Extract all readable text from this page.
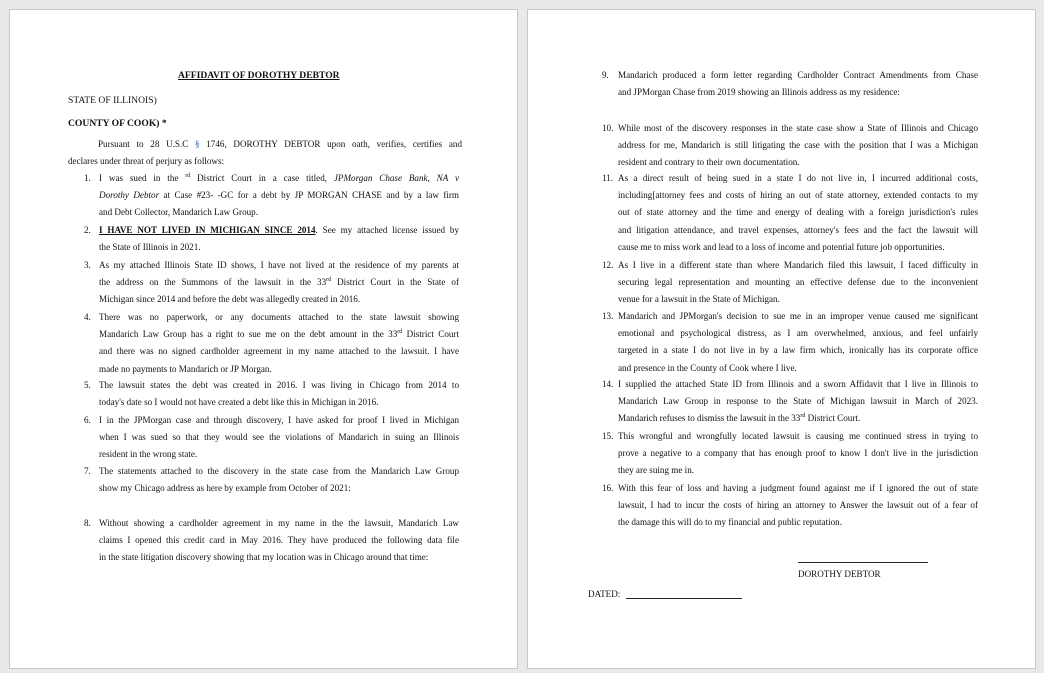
AFFIDAVIT OF DOROTHY DEBTOR
STATE OF ILLINOIS)
COUNTY OF COOK) *
Pursuant to 28 U.S.C § 1746, DOROTHY DEBTOR upon oath, verifies, certifies and
declares under threat of perjury as follows:
1. I was sued in the $^{rd}$ District Court in a case titled, JPMorgan Chase Bank, NA v
Dorothy Debtor at Case #23- -GC for a debt by JP MORGAN CHASE and by a law firm
and Debt Collector, Mandarich Law Group.
2. I HAVE NOT LIVED IN MICHIGAN SINCE 2014. See my attached license issued by
the State of Illinois in 2021.
3. As my attached Illinois State ID shows, I have not lived at the residence of my parents at
the address on the Summons of the lawsuit in the 33rd District Court in the State of
Michigan since 2014 and before the debt was allegedly created in 2016.
4. There was no paperwork, or any documents attached to the state lawsuit showing
Mandarich Law Group has a right to sue me on the debt amount in the 33rd District Court
and there was no signed cardholder agreement in my name attached to the lawsuit. I have
made no payments to Mandarich or JP Morgan.
5. The lawsuit states the debt was created in 2016. I was living in Chicago from 2014 to
today's date so I would not have created a debt like this in Michigan in 2016.
6. I in the JPMorgan case and through discovery, I have asked for proof I lived in Michigan
when I was sued so that they would see the violations of Mandarich in suing an Illinois
resident in the wrong state.
7. The statements attached to the discovery in the state case from the Mandarich Law Group
show my Chicago address as here by example from October of 2021:
8. Without showing a cardholder agreement in my name in the the lawsuit, Mandarich Law
claims I opened this credit card in May 2016. They have produced the following data file
in the state litigation discovery showing that my location was in Chicago around that time:
9. Mandarich produced a form letter regarding Cardholder Contract Amendments from Chase
and JPMorgan Chase from 2019 showing an Illinois address as my residence:
10. While most of the discovery responses in the state case show a State of Illinois and Chicago
address for me, Mandarich is still litigating the case with the position that I was a Michigan
resident and contrary to their own documentation.
11. As a direct result of being sued in a state I do not live in, I incurred additional costs,
including[attorney fees and costs of hiring an out of state attorney, extended contacts to my
out of state attorney and the time and energy of dealing with a foreign jurisdiction's rules
and litigation attendance, and travel expenses, attorney's fees and the fact the lawsuit will
cause me to miss work and lead to a loss of income and potential future job opportunities.
12. As I live in a different state than where Mandarich filed this lawsuit, I faced difficulty in
securing legal representation and mounting an effective defense due to the inconvenient
venue for a lawsuit in the State of Michigan.
13. Mandarich and JPMorgan's decision to sue me in an improper venue caused me significant
emotional and psychological distress, as I am overwhelmed, anxious, and feel unfairly
targeted in a state I do not live in by a law firm which, ironically has its corporate office
and presence in the County of Cook where I live.
14. I supplied the attached State ID from Illinois and a sworn Affidavit that I live in Illinois to
Mandarich Law Group in response to the State of Michigan lawsuit in March of 2023.
Mandarich refuses to dismiss the lawsuit in the 33rd District Court.
15. This wrongful and wrongfully located lawsuit is causing me continued stress in trying to
prove a negative to a company that has enough proof to know I don't live in the jurisdiction
they are suing me in.
16. With this fear of loss and having a judgment found against me if I ignored the out of state
lawsuit, I had to incur the costs of hiring an attorney to Answer the lawsuit out of a fear of
the damage this will do to my financial and public reputation.
DOROTHY DEBTOR
DATED:
